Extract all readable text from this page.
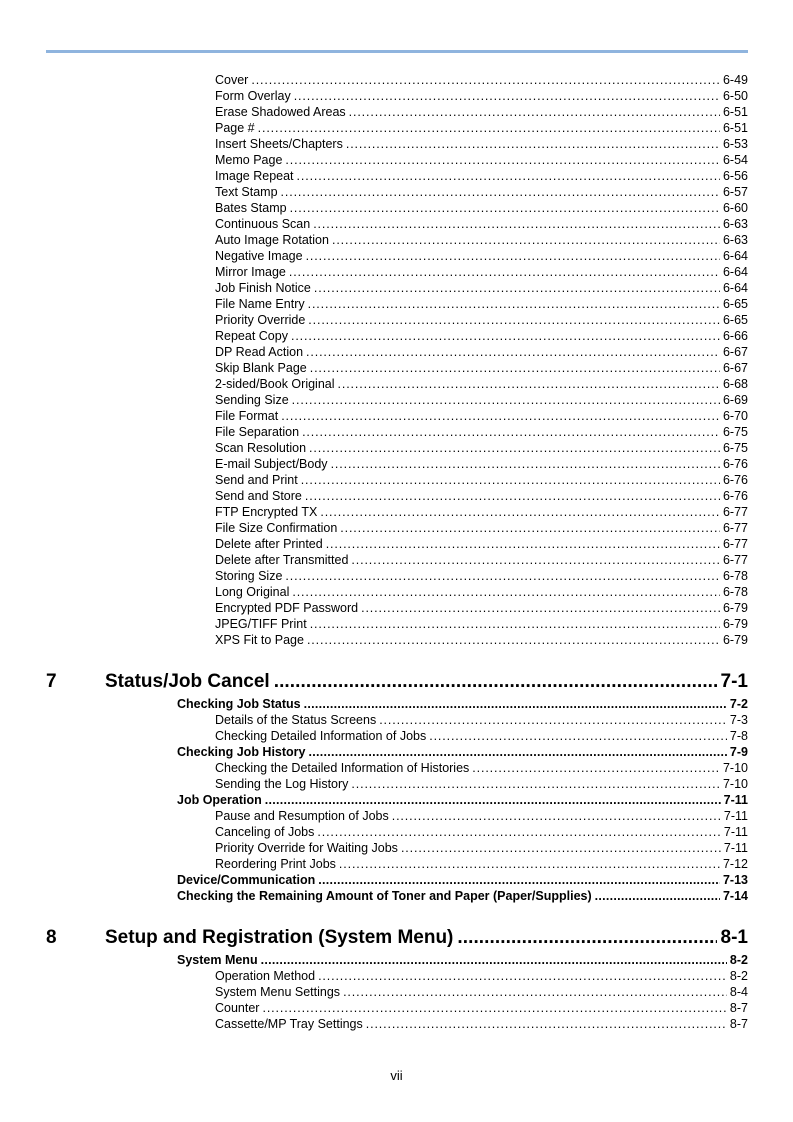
Cover . . .	6-49
Form Overlay . . .	6-50
Erase Shadowed Areas . . .	6-51
Page # . . .	6-51
Insert Sheets/Chapters . . .	6-53
Memo Page . . .	6-54
Image Repeat . . .	6-56
Text Stamp . . .	6-57
Bates Stamp . . .	6-60
Continuous Scan . . .	6-63
Auto Image Rotation . . .	6-63
Negative Image . . .	6-64
Mirror Image . . .	6-64
Job Finish Notice . . .	6-64
File Name Entry . . .	6-65
Priority Override . . .	6-65
Repeat Copy . . .	6-66
DP Read Action . . .	6-67
Skip Blank Page . . .	6-67
2-sided/Book Original . . .	6-68
Sending Size . . .	6-69
File Format . . .	6-70
File Separation . . .	6-75
Scan Resolution . . .	6-75
E-mail Subject/Body . . .	6-76
Send and Print . . .	6-76
Send and Store . . .	6-76
FTP Encrypted TX . . .	6-77
File Size Confirmation . . .	6-77
Delete after Printed . . .	6-77
Delete after Transmitted . . .	6-77
Storing Size . . .	6-78
Long Original . . .	6-78
Encrypted PDF Password . . .	6-79
JPEG/TIFF Print . . .	6-79
XPS Fit to Page . . .	6-79
7	Status/Job Cancel . . .	7-1
Checking Job Status . . .	7-2
Details of the Status Screens . . .	7-3
Checking Detailed Information of Jobs . . .	7-8
Checking Job History . . .	7-9
Checking the Detailed Information of Histories . . .	7-10
Sending the Log History . . .	7-10
Job Operation . . .	7-11
Pause and Resumption of Jobs . . .	7-11
Canceling of Jobs . . .	7-11
Priority Override for Waiting Jobs . . .	7-11
Reordering Print Jobs . . .	7-12
Device/Communication . . .	7-13
Checking the Remaining Amount of Toner and Paper (Paper/Supplies) . . .	7-14
8	Setup and Registration (System Menu) . . .	8-1
System Menu . . .	8-2
Operation Method . . .	8-2
System Menu Settings . . .	8-4
Counter . . .	8-7
Cassette/MP Tray Settings . . .	8-7
vii
